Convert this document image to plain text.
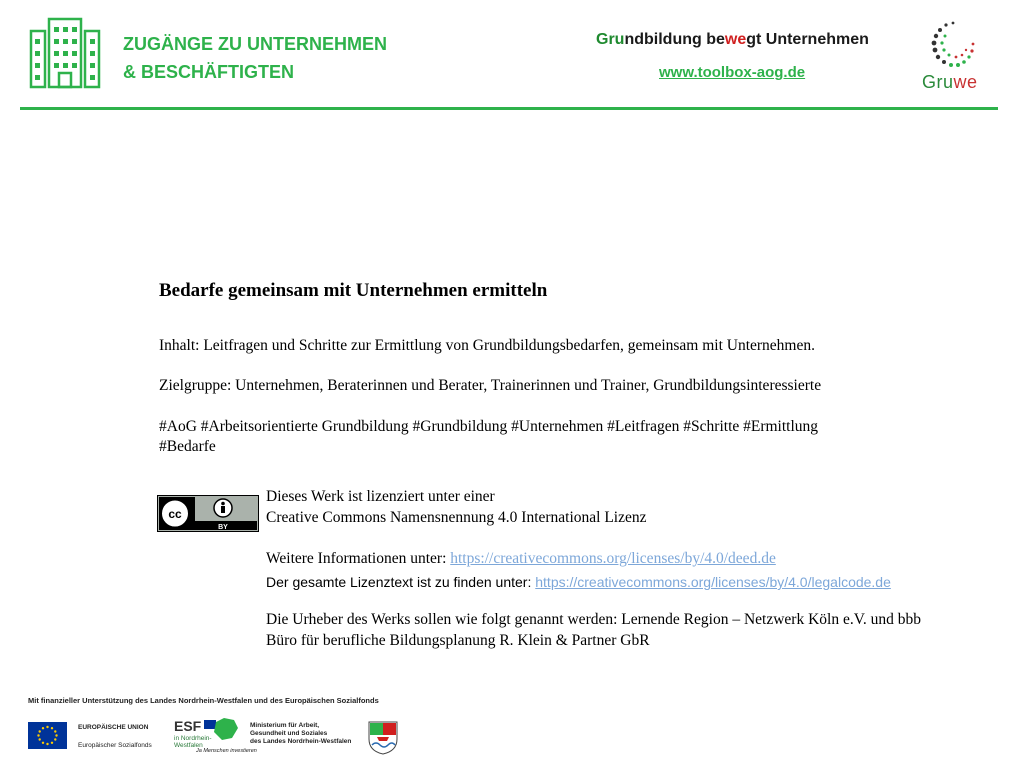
ZUGÄNGE ZU UNTERNEHMEN
& BESCHÄFTIGTEN
Grundbildung bewegt Unternehmen
www.toolbox-aog.de	Gruwe
Bedarfe gemeinsam mit Unternehmen ermitteln
Inhalt: Leitfragen und Schritte zur Ermittlung von Grundbildungsbedarfen, gemeinsam mit Unternehmen.
Zielgruppe: Unternehmen, Beraterinnen und Berater, Trainerinnen und Trainer, Grundbildungsinteressierte
#AoG #Arbeitsorientierte Grundbildung #Grundbildung #Unternehmen #Leitfragen #Schritte #Ermittlung
#Bedarfe
cc
BY
Dieses Werk ist lizenziert unter einer
Creative Commons Namensnennung 4.0 International Lizenz
Weitere Informationen unter: https://creativecommons.org/licenses/by/4.0/deed.de
Der gesamte Lizenztext ist zu finden unter: https://creativecommons.org/licenses/by/4.0/legalcode.de
Die Urheber des Werks sollen wie folgt genannt werden: Lernende Region – Netzwerk Köln e.V. und bbb
Büro für berufliche Bildungsplanung R. Klein & Partner GbR
Mit finanzieller Unterstützung des Landes Nordrhein-Westfalen und des Europäischen Sozialfonds
EUROPÄISCHE UNION
Europäischer Sozialfonds
ESF
in Nordrhein-
Westfalen
Ja Menschen investieren
Ministerium für Arbeit,
Gesundheit und Soziales
des Landes Nordrhein-Westfalen
